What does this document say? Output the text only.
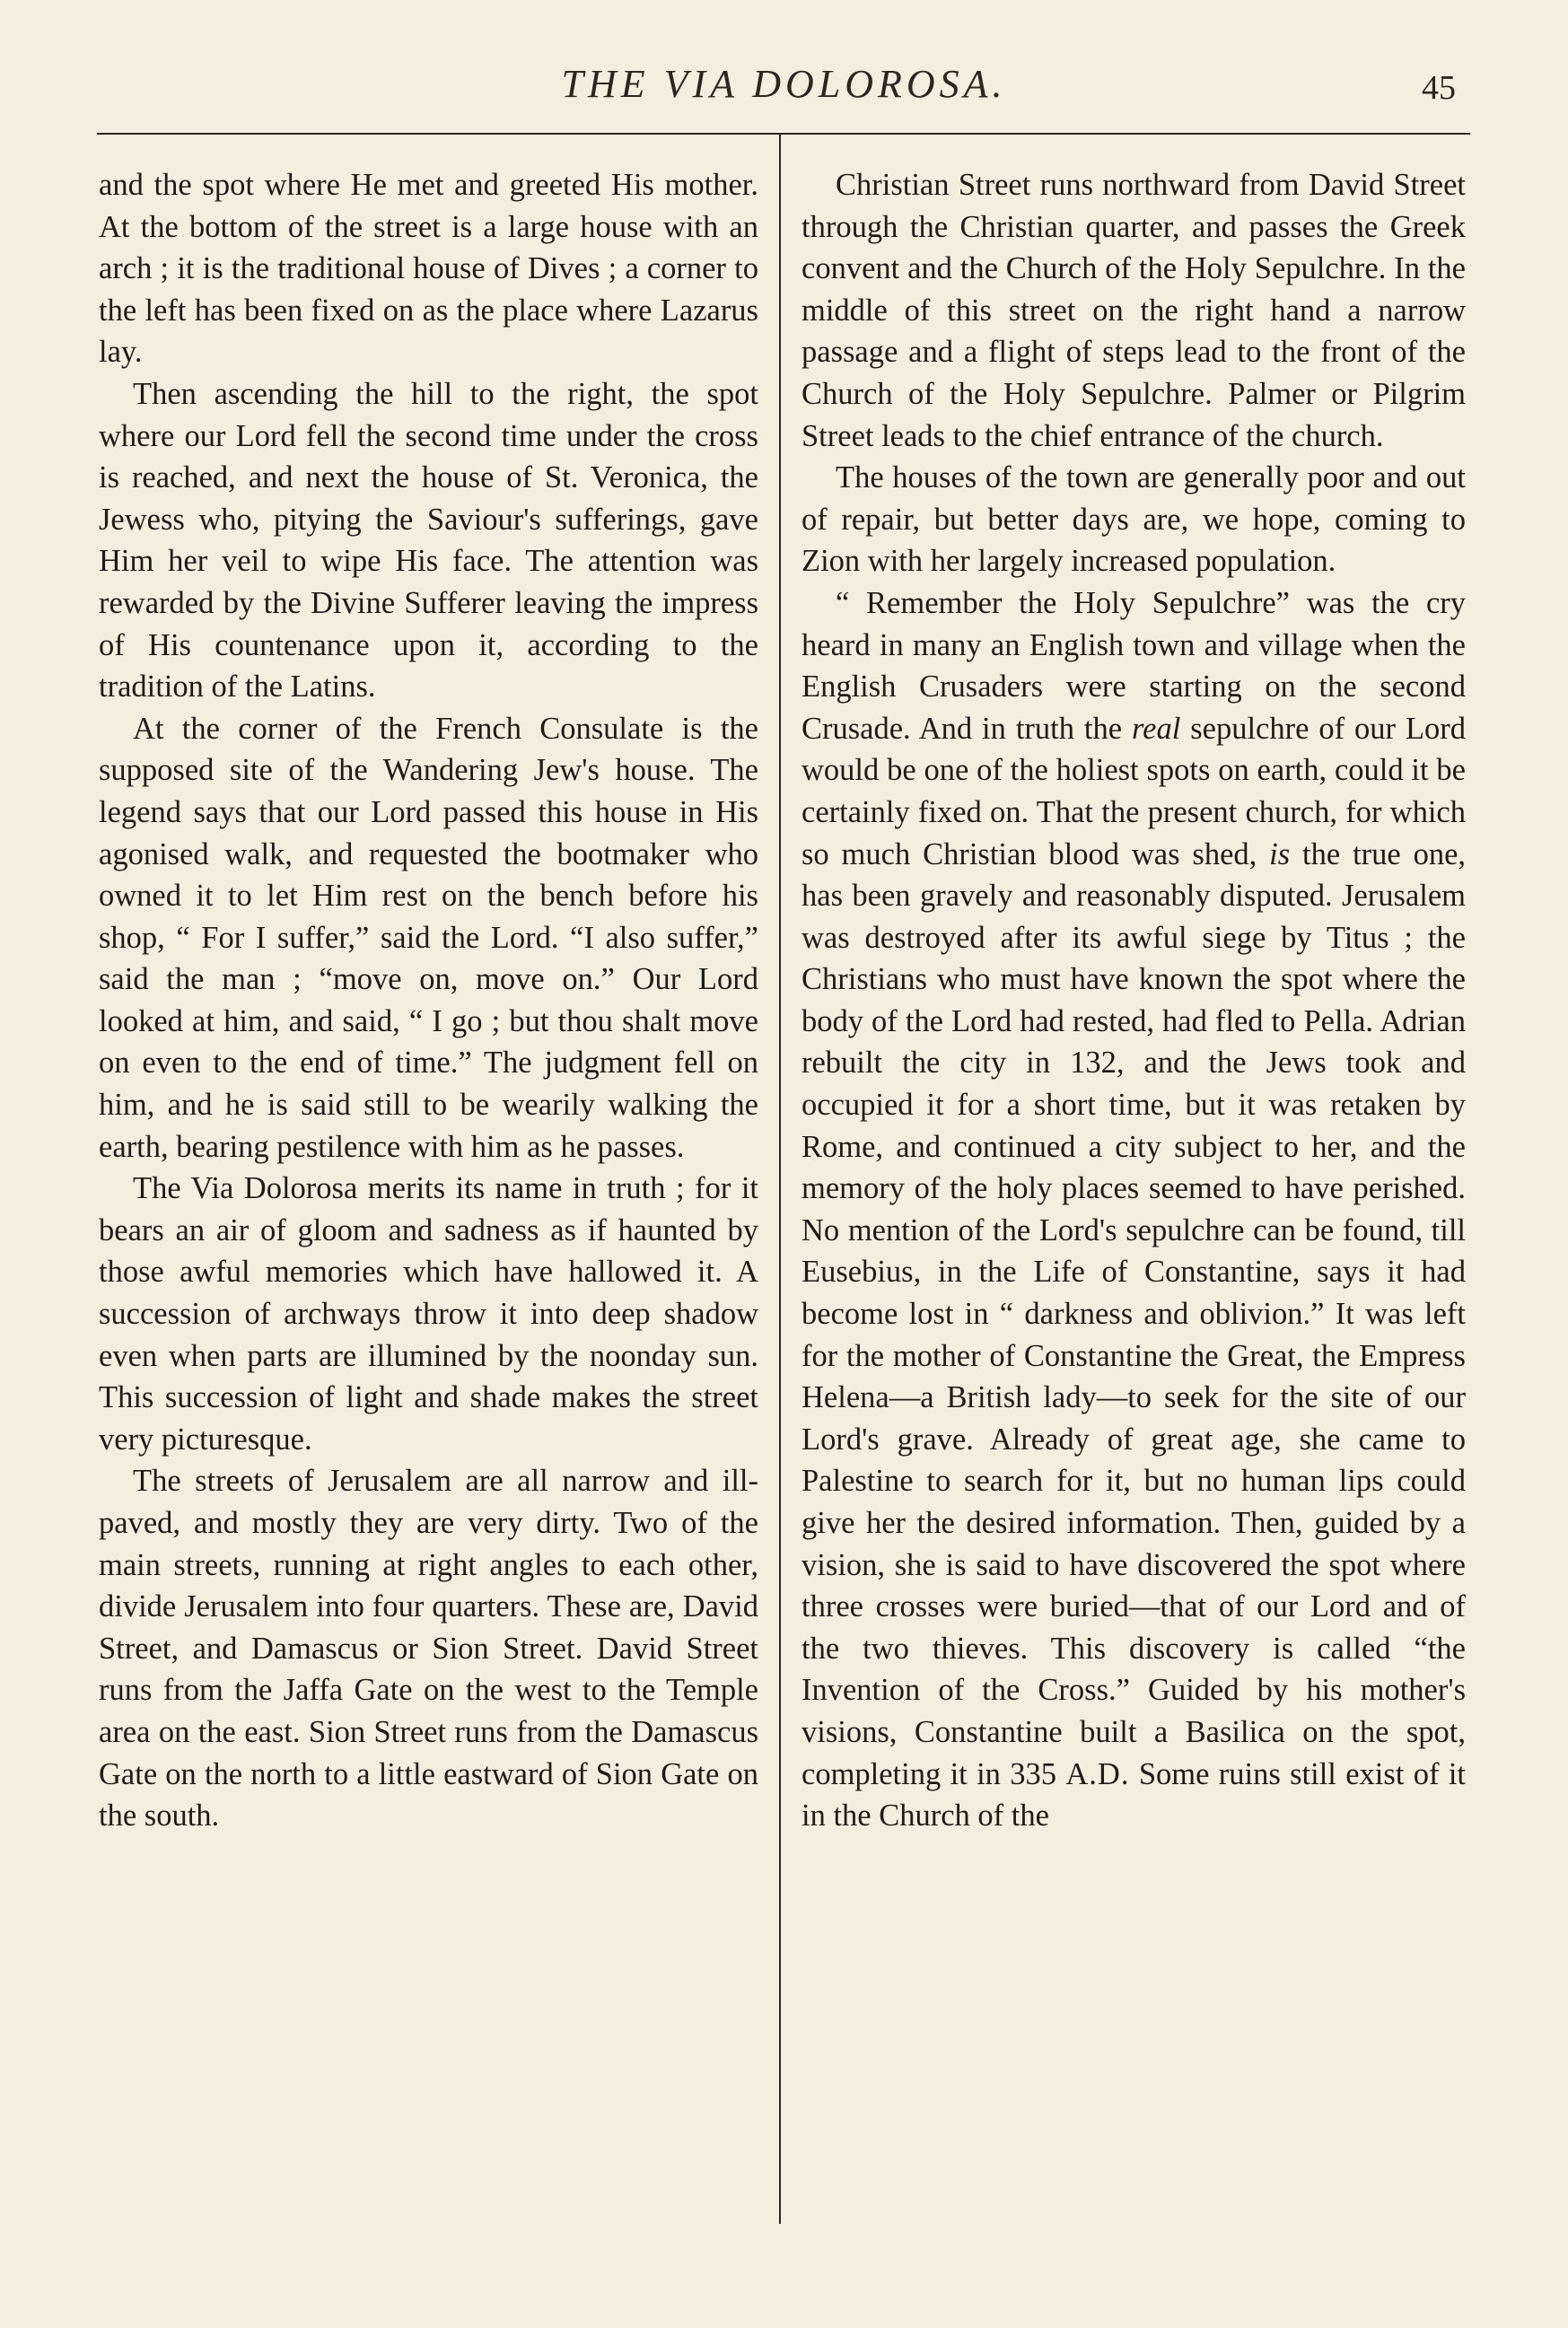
THE VIA DOLOROSA.	45

and the spot where He met and greeted His mother. At the bottom of the street is a large house with an arch ; it is the traditional house of Dives ; a corner to the left has been fixed on as the place where Lazarus lay.

Then ascending the hill to the right, the spot where our Lord fell the second time under the cross is reached, and next the house of St. Veronica, the Jewess who, pitying the Saviour's sufferings, gave Him her veil to wipe His face. The attention was rewarded by the Divine Sufferer leaving the impress of His countenance upon it, according to the tradition of the Latins.

At the corner of the French Consulate is the supposed site of the Wandering Jew's house. The legend says that our Lord passed this house in His agonised walk, and requested the bootmaker who owned it to let Him rest on the bench before his shop, “ For I suffer,” said the Lord. “I also suffer,” said the man ; “move on, move on.” Our Lord looked at him, and said, “ I go ; but thou shalt move on even to the end of time.” The judgment fell on him, and he is said still to be wearily walking the earth, bearing pestilence with him as he passes.

The Via Dolorosa merits its name in truth ; for it bears an air of gloom and sadness as if haunted by those awful memories which have hallowed it. A succession of archways throw it into deep shadow even when parts are illumined by the noonday sun. This succession of light and shade makes the street very picturesque.

The streets of Jerusalem are all narrow and ill-paved, and mostly they are very dirty. Two of the main streets, running at right angles to each other, divide Jerusalem into four quarters. These are, David Street, and Damascus or Sion Street. David Street runs from the Jaffa Gate on the west to the Temple area on the east. Sion Street runs from the Damascus Gate on the north to a little eastward of Sion Gate on the south.

Christian Street runs northward from David Street through the Christian quarter, and passes the Greek convent and the Church of the Holy Sepulchre. In the middle of this street on the right hand a narrow passage and a flight of steps lead to the front of the Church of the Holy Sepulchre. Palmer or Pilgrim Street leads to the chief entrance of the church.

The houses of the town are generally poor and out of repair, but better days are, we hope, coming to Zion with her largely increased population.

“ Remember the Holy Sepulchre” was the cry heard in many an English town and village when the English Crusaders were starting on the second Crusade. And in truth the real sepulchre of our Lord would be one of the holiest spots on earth, could it be certainly fixed on. That the present church, for which so much Christian blood was shed, is the true one, has been gravely and reasonably disputed. Jerusalem was destroyed after its awful siege by Titus ; the Christians who must have known the spot where the body of the Lord had rested, had fled to Pella. Adrian rebuilt the city in 132, and the Jews took and occupied it for a short time, but it was retaken by Rome, and continued a city subject to her, and the memory of the holy places seemed to have perished. No mention of the Lord's sepulchre can be found, till Eusebius, in the Life of Constantine, says it had become lost in “ darkness and oblivion.” It was left for the mother of Constantine the Great, the Empress Helena—a British lady—to seek for the site of our Lord's grave. Already of great age, she came to Palestine to search for it, but no human lips could give her the desired information. Then, guided by a vision, she is said to have discovered the spot where three crosses were buried—that of our Lord and of the two thieves. This discovery is called “the Invention of the Cross.” Guided by his mother's visions, Constantine built a Basilica on the spot, completing it in 335 A.D. Some ruins still exist of it in the Church of the
